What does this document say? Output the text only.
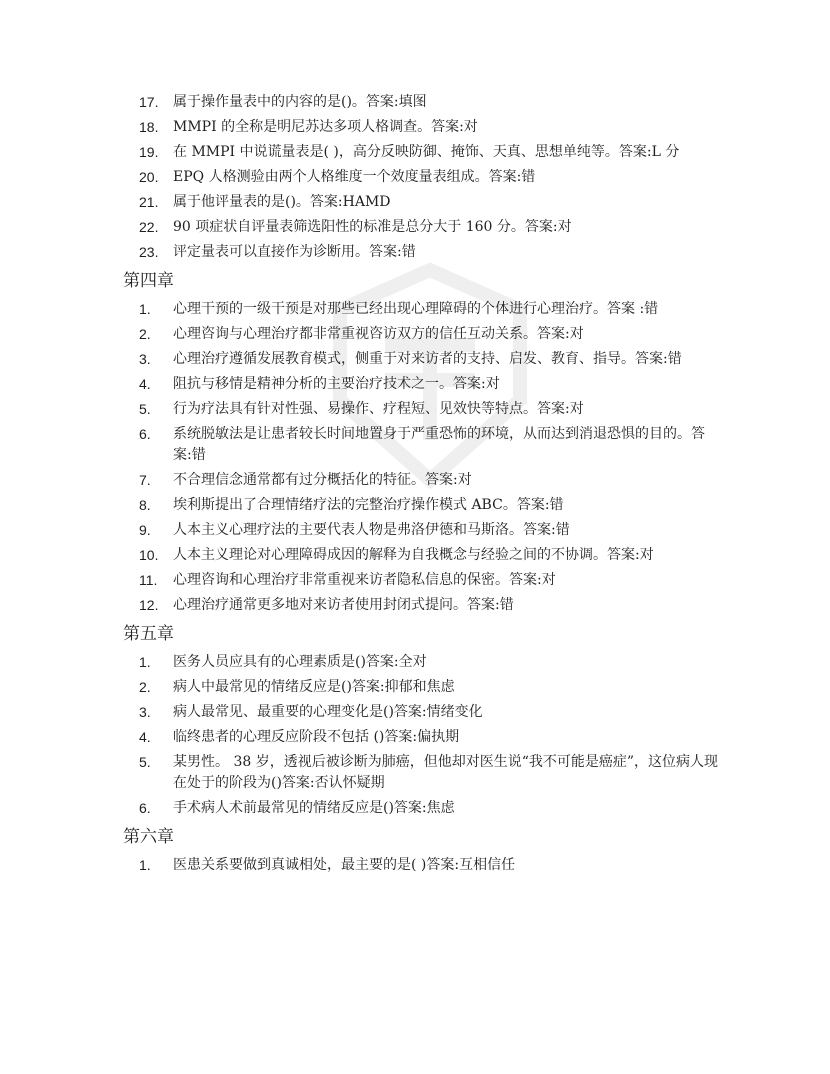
17.	属于操作量表中的内容的是()。答案:填图
18.	MMPI 的全称是明尼苏达多项人格调查。答案:对
19.	在 MMPI 中说谎量表是( )，高分反映防御、掩饰、天真、思想单纯等。答案:L 分
20.	EPQ 人格测验由两个人格维度一个效度量表组成。答案:错
21.	属于他评量表的是()。答案:HAMD
22.	90 项症状自评量表筛选阳性的标准是总分大于 160 分。答案:对
23.	评定量表可以直接作为诊断用。答案:错
第四章
1.	心理干预的一级干预是对那些已经出现心理障碍的个体进行心理治疗。答案 :错
2.	心理咨询与心理治疗都非常重视咨访双方的信任互动关系。答案:对
3.	心理治疗遵循发展教育模式，侧重于对来访者的支持、启发、教育、指导。答案:错
4.	阻抗与移情是精神分析的主要治疗技术之一。答案:对
5.	行为疗法具有针对性强、易操作、疗程短、见效快等特点。答案:对
6.	系统脱敏法是让患者较长时间地置身于严重恐怖的环境，从而达到消退恐惧的目的。答案:错
7.	不合理信念通常都有过分概括化的特征。答案:对
8.	埃利斯提出了合理情绪疗法的完整治疗操作模式 ABC。答案:错
9.	人本主义心理疗法的主要代表人物是弗洛伊德和马斯洛。答案:错
10.	人本主义理论对心理障碍成因的解释为自我概念与经验之间的不协调。答案:对
11.	心理咨询和心理治疗非常重视来访者隐私信息的保密。答案:对
12.	心理治疗通常更多地对来访者使用封闭式提问。答案:错
第五章
1.	医务人员应具有的心理素质是()答案:全对
2.	病人中最常见的情绪反应是()答案:抑郁和焦虑
3.	病人最常见、最重要的心理变化是()答案:情绪变化
4.	临终患者的心理反应阶段不包括 ()答案:偏执期
5.	某男性。 38 岁，透视后被诊断为肺癌，但他却对医生说“我不可能是癌症”，这位病人现在处于的阶段为()答案:否认怀疑期
6.	手术病人术前最常见的情绪反应是()答案:焦虑
第六章
1.	医患关系要做到真诚相处，最主要的是( )答案:互相信任
